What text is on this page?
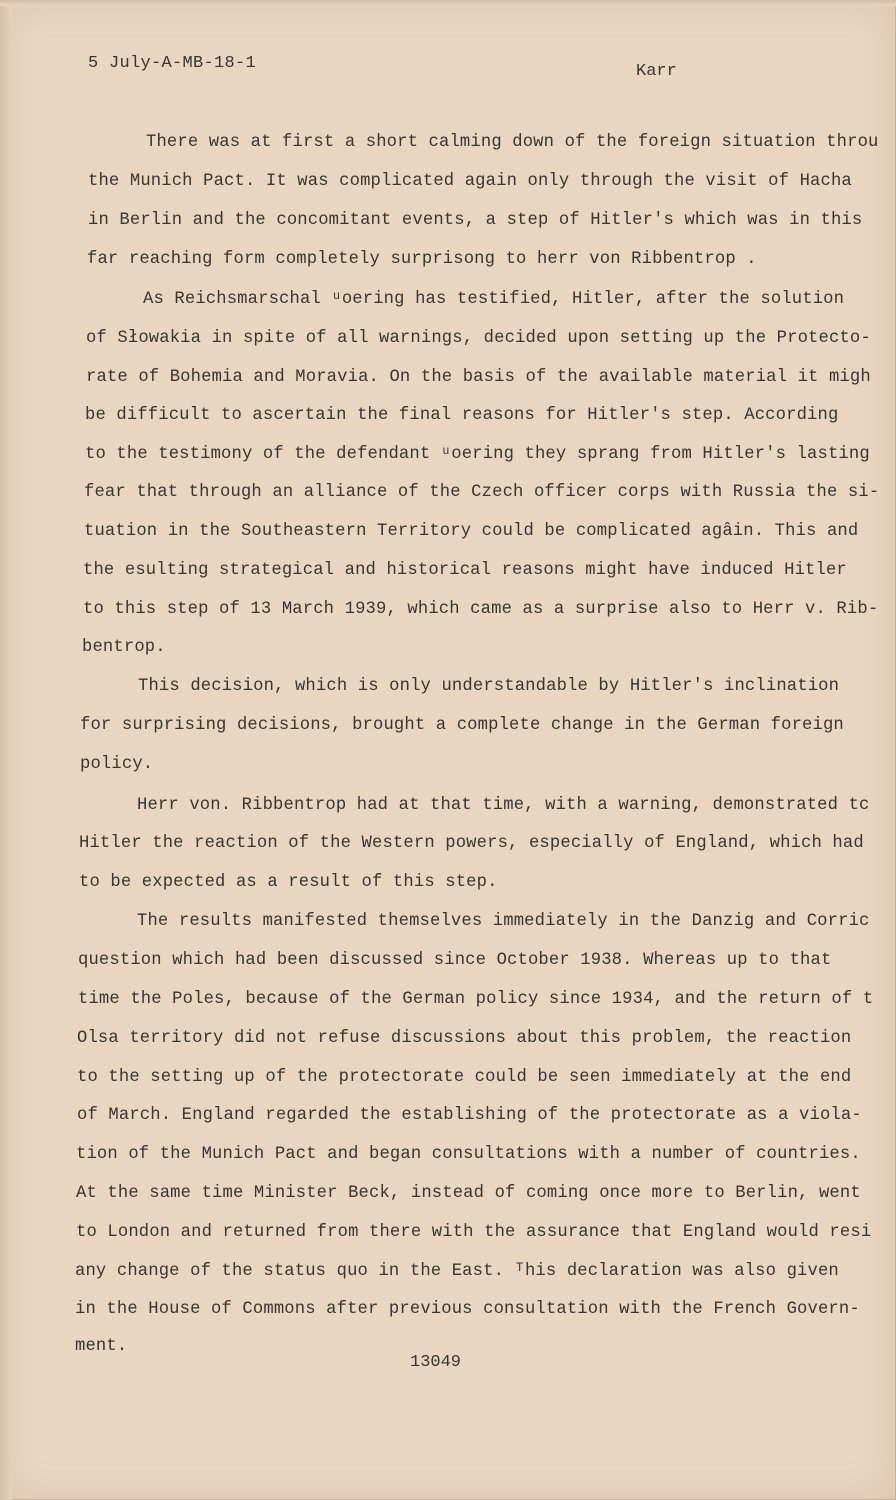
5 July-A-MB-18-1	Karr
There was at first a short calminɡ down of the foreiɡn situation throu
the Munich Pact. It was complicated again only throuɡh the visit of Hacha
in Berlin and the concomitant events, a step of Hitler's which was in this
far reachinɡ form completely surprisong to herr von Ribbentrop .
As Reichsmarschal ᵘoering has testified, Hitler, after the solution
of Słowakia in spite of all warninɡs, decided upon settinɡ up the Protecto-
rate of Bohemia and Moravia. On the basis of the available material it migh
be difficult to ascertain the final reasons for Hitler's step. According
to the testimony of the defendant ᵘoerinɡ they spranɡ from Hitler's lastinɡ
fear that throuɡh an alliance of the Czech officer corps with Russia the si-
tuation in the Southeastern Territory could be complicated aɡâin. This and
the esultinɡ strateɡical and historical reasons miɡht have induced Hitler
to this step of 13 March 1939, which came as a surprise also to Herr v. Rib-
bentrop.
This decision, which is only understandable by Hitler's inclination
for surprisinɡ decisions, brouɡht a complete chanɡe in the German foreiɡn
policy.
Herr von. Ribbentrop had at that time, with a warninɡ, demonstrated tc
Hitler the reaction of the Western powers, especially of Enɡland, which had
to be expected as a result of this step.
The results manifested themselves immediately in the Danziɡ and Corric
question which had been discussed since October 1938. Whereas up to that
time the Poles, because of the German policy since 1934, and the return of t
Olsa territory did not refuse discussions about this problem, the reaction
to the settinɡ up of the protectorate could be seen immediately at the end
of March. Enɡland reɡarded the establishinɡ of the protectorate as a viola-
tion of the Munich Pact and beɡan consultations with a number of countries.
At the same time Minister Beck, instead of cominɡ once more to Berlin, went
to London and returned from there with the assurance that England would resi
any chanɡe of the status quo in the East. ᵀhis declaration was also ɡiven
in the House of Commons after previous consultation with the French Govern-
ment.
13049
